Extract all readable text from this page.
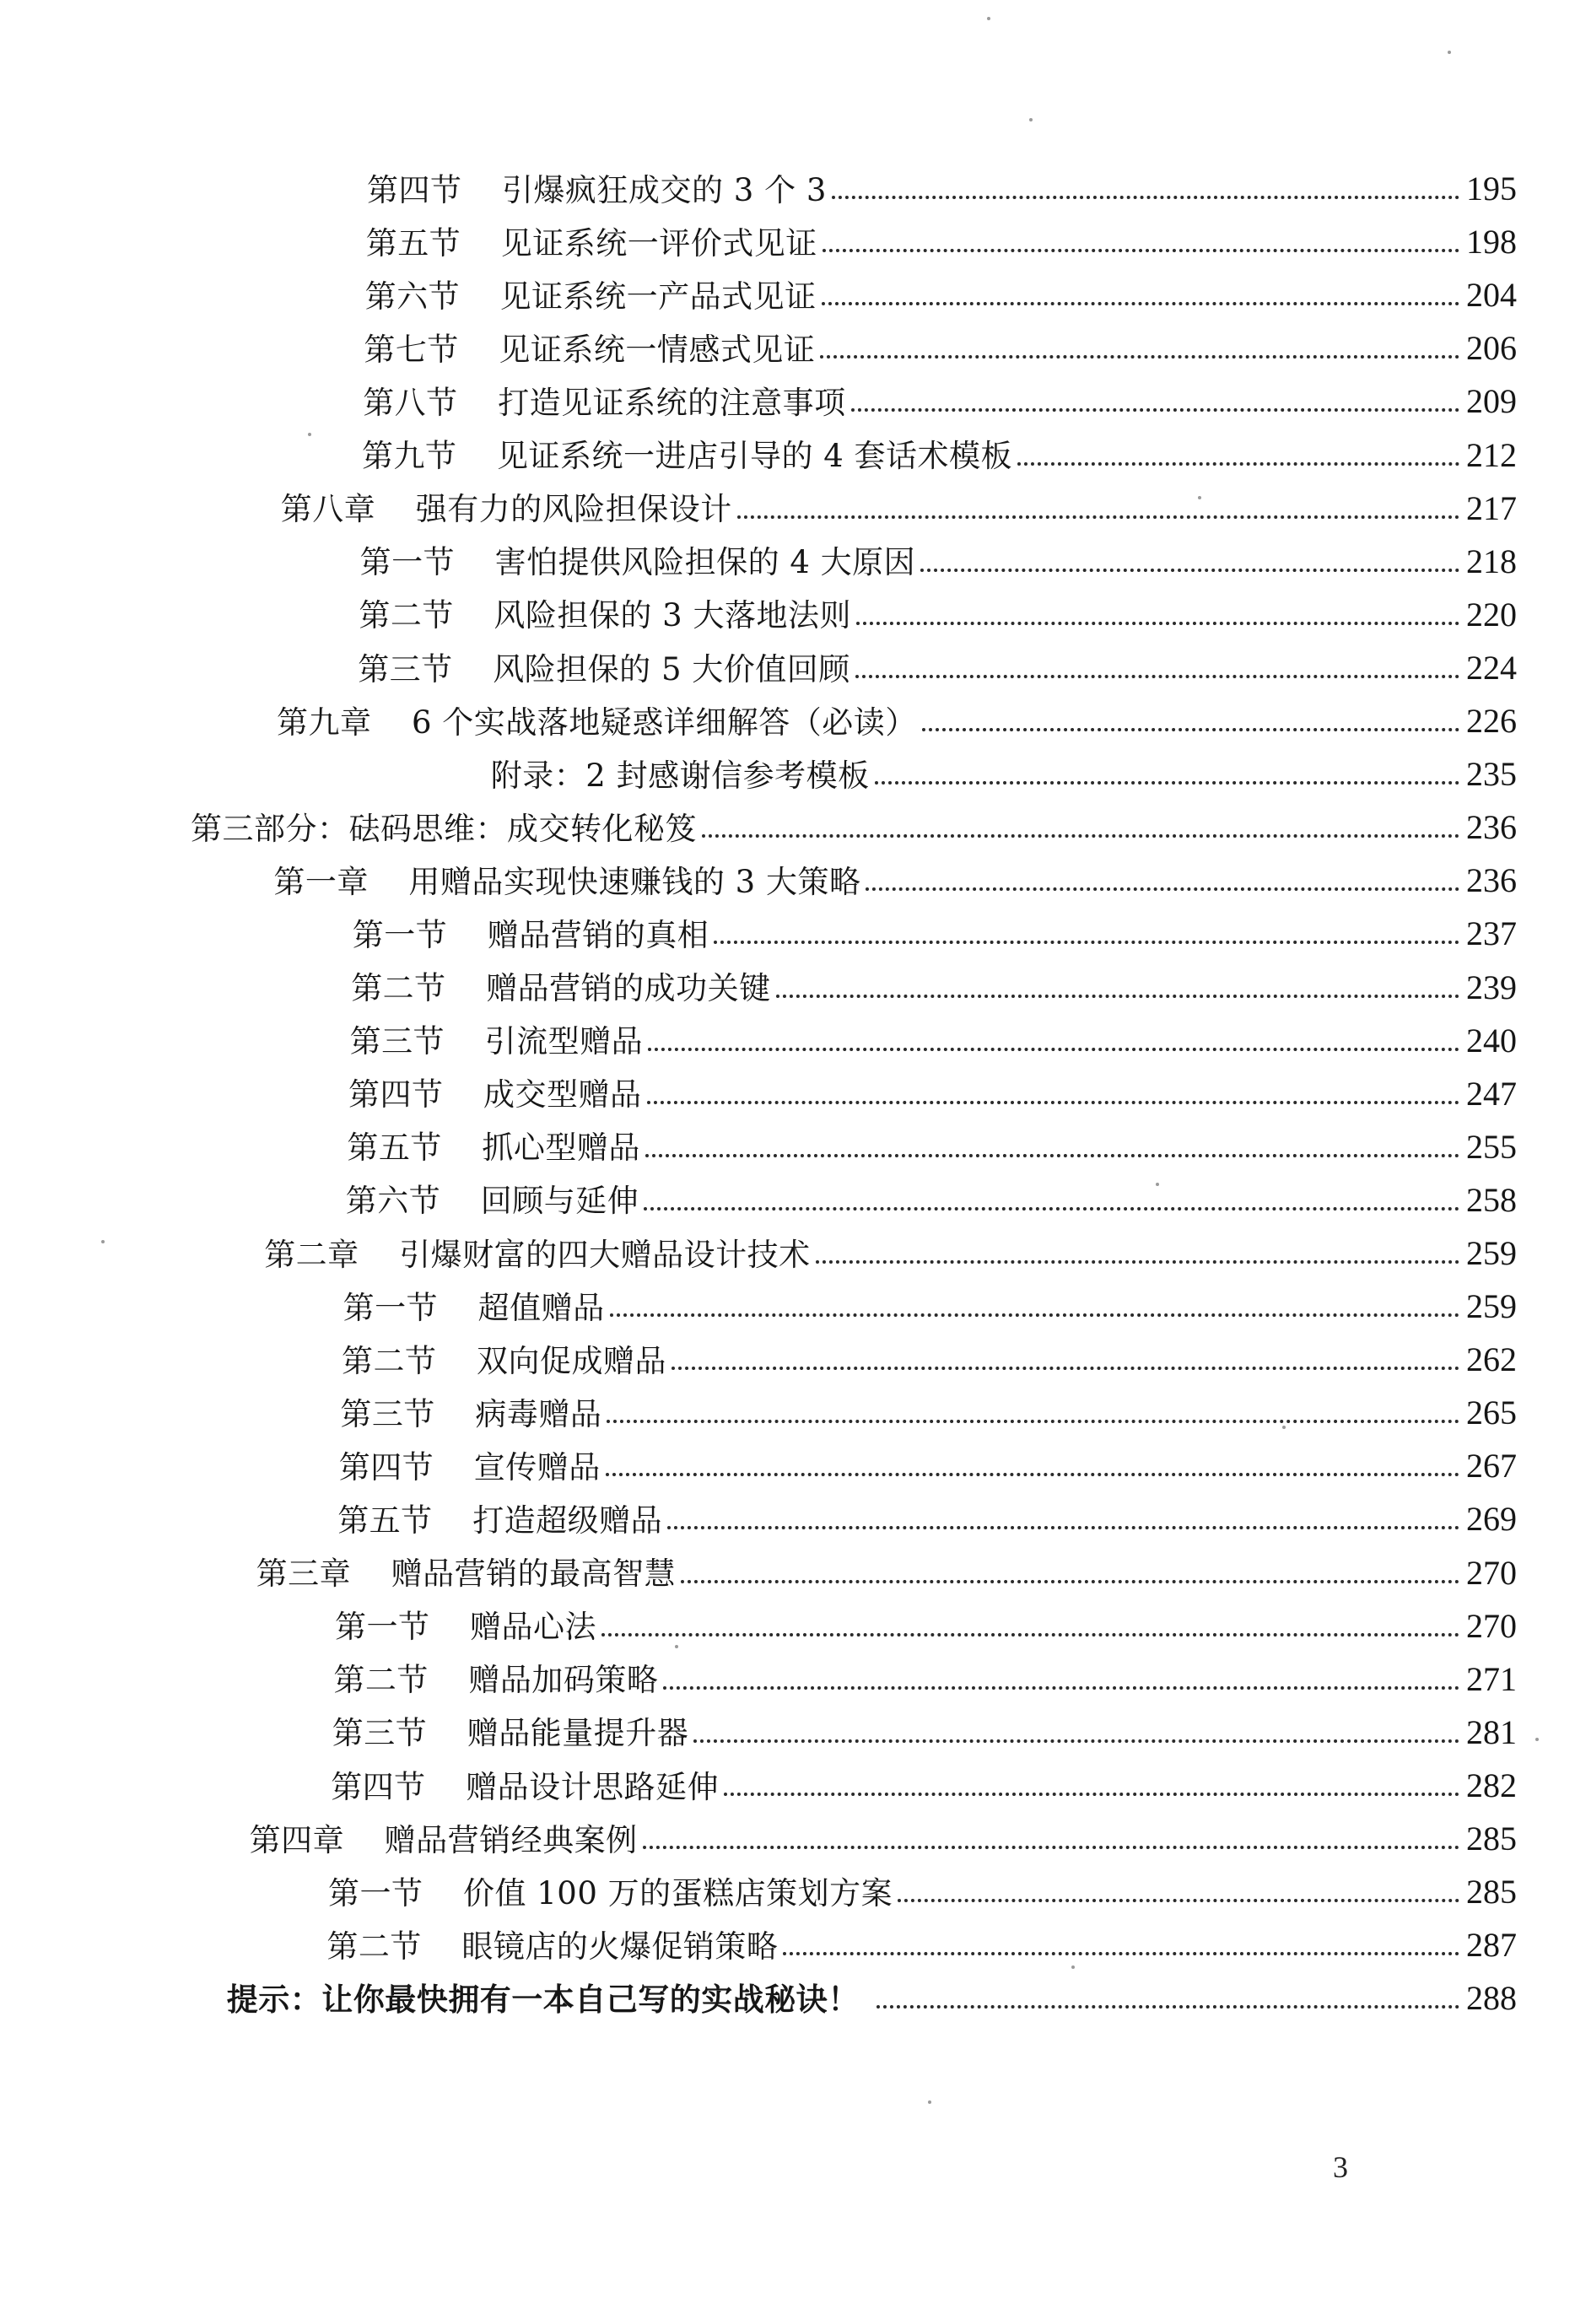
第四节 引爆疯狂成交的 3 个 3	195
第五节 见证系统一评价式见证	198
第六节 见证系统一产品式见证	204
第七节 见证系统一情感式见证	206
第八节 打造见证系统的注意事项	209
第九节 见证系统一进店引导的 4 套话术模板	212
第八章 强有力的风险担保设计	217
第一节 害怕提供风险担保的 4 大原因	218
第二节 风险担保的 3 大落地法则	220
第三节 风险担保的 5 大价值回顾	224
第九章 6 个实战落地疑惑详细解答（必读）	226
附录：2 封感谢信参考模板	235
第三部分：砝码思维：成交转化秘笈	236
第一章 用赠品实现快速赚钱的 3 大策略	236
第一节 赠品营销的真相	237
第二节 赠品营销的成功关键	239
第三节 引流型赠品	240
第四节 成交型赠品	247
第五节 抓心型赠品	255
第六节 回顾与延伸	258
第二章 引爆财富的四大赠品设计技术	259
第一节 超值赠品	259
第二节 双向促成赠品	262
第三节 病毒赠品	265
第四节 宣传赠品	267
第五节 打造超级赠品	269
第三章 赠品营销的最高智慧	270
第一节 赠品心法	270
第二节 赠品加码策略	271
第三节 赠品能量提升器	281
第四节 赠品设计思路延伸	282
第四章 赠品营销经典案例	285
第一节 价值 100 万的蛋糕店策划方案	285
第二节 眼镜店的火爆促销策略	287
提示：让你最快拥有一本自己写的实战秘诀！	288
3
